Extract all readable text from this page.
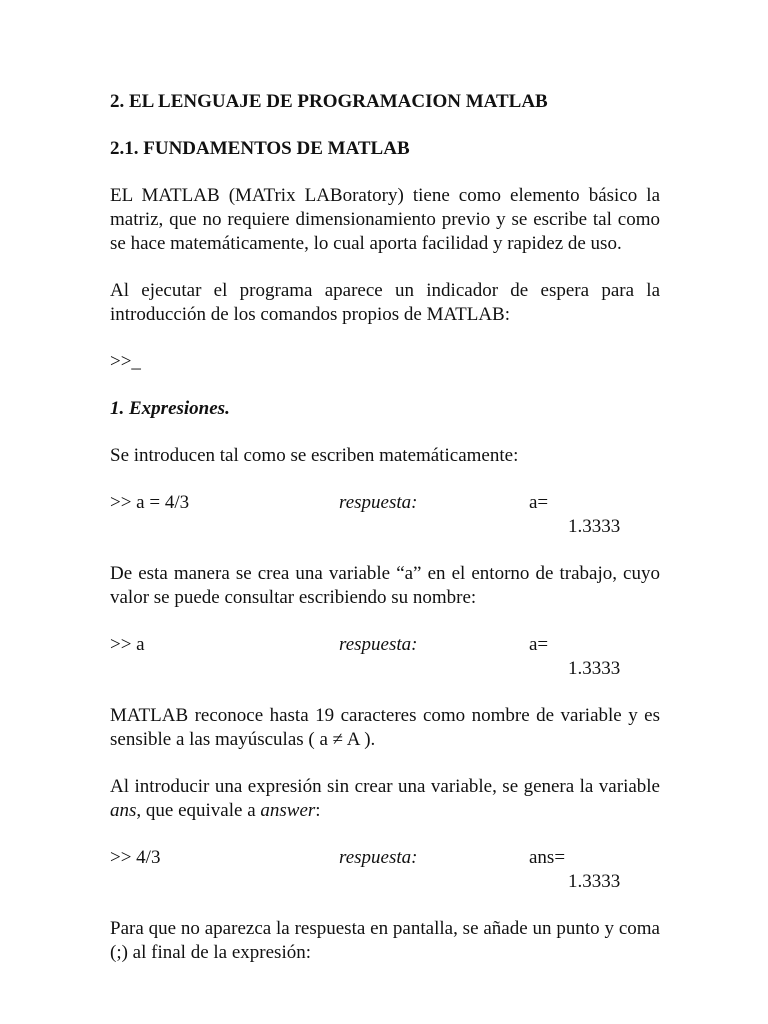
2. EL LENGUAJE DE PROGRAMACION MATLAB
2.1. FUNDAMENTOS DE MATLAB

EL MATLAB (MATrix LABoratory) tiene como elemento básico la matriz, que no requiere dimensionamiento previo y se escribe tal como se hace matemáticamente, lo cual aporta facilidad y rapidez de uso.

Al ejecutar el programa aparece un indicador de espera para la introducción de los comandos propios de MATLAB:

>>_
1. Expresiones.

Se introducen tal como se escriben matemáticamente:

>> a = 4/3	respuesta:	a=
1.3333

De esta manera se crea una variable “a” en el entorno de trabajo, cuyo valor se puede consultar escribiendo su nombre:

>> a	respuesta:	a=
1.3333

MATLAB reconoce hasta 19 caracteres como nombre de variable y es sensible a las mayúsculas ( a ≠ A ).

Al introducir una expresión sin crear una variable, se genera la variable ans, que equivale a answer:

>> 4/3	respuesta:	ans=
1.3333

Para que no aparezca la respuesta en pantalla, se añade un punto y coma (;) al final de la expresión:
